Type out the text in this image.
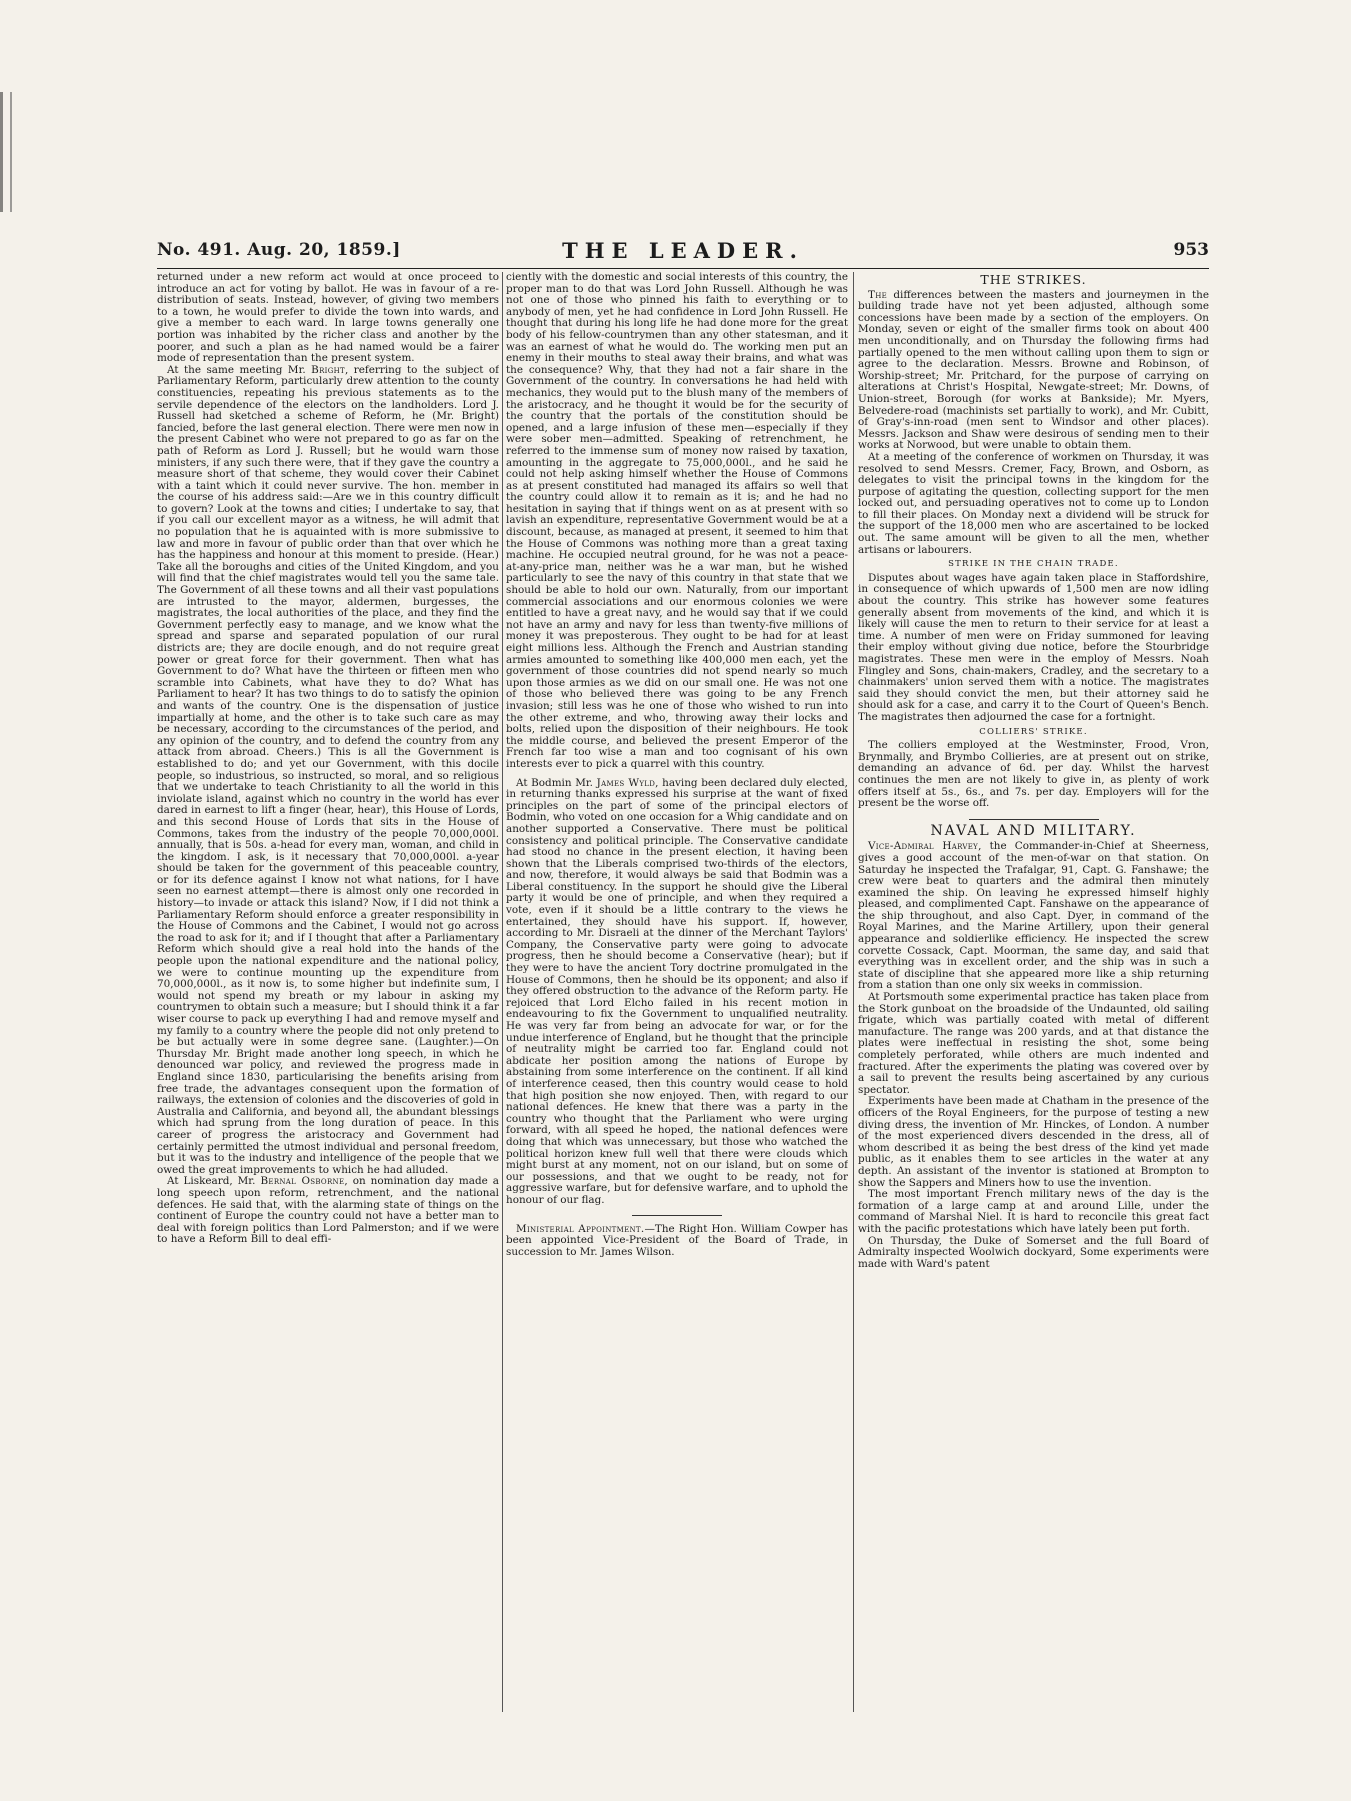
No. 491. Aug. 20, 1859.]	THE LEADER.	953

returned under a new reform act would at once proceed to introduce an act for voting by ballot. He was in favour of a re-distribution of seats. Instead, however, of giving two members to a town, he would prefer to divide the town into wards, and give a member to each ward. In large towns generally one portion was inhabited by the richer class and another by the poorer, and such a plan as he had named would be a fairer mode of representation than the present system.

At the same meeting Mr. Bright, referring to the subject of Parliamentary Reform, particularly drew attention to the county constituencies, repeating his previous statements as to the servile dependence of the electors on the landholders. Lord J. Russell had sketched a scheme of Reform, he (Mr. Bright) fancied, before the last general election. There were men now in the present Cabinet who were not prepared to go as far on the path of Reform as Lord J. Russell; but he would warn those ministers, if any such there were, that if they gave the country a measure short of that scheme, they would cover their Cabinet with a taint which it could never survive. The hon. member in the course of his address said:—Are we in this country difficult to govern? Look at the towns and cities; I undertake to say, that if you call our excellent mayor as a witness, he will admit that no population that he is aquainted with is more submissive to law and more in favour of public order than that over which he has the happiness and honour at this moment to preside. (Hear.) Take all the boroughs and cities of the United Kingdom, and you will find that the chief magistrates would tell you the same tale. The Government of all these towns and all their vast populations are intrusted to the mayor, aldermen, burgesses, the magistrates, the local authorities of the place, and they find the Government perfectly easy to manage, and we know what the spread and sparse and separated population of our rural districts are; they are docile enough, and do not require great power or great force for their government. Then what has Government to do? What have the thirteen or fifteen men who scramble into Cabinets, what have they to do? What has Parliament to hear? It has two things to do to satisfy the opinion and wants of the country. One is the dispensation of justice impartially at home, and the other is to take such care as may be necessary, according to the circumstances of the period, and any opinion of the country, and to defend the country from any attack from abroad. Cheers.) This is all the Government is established to do; and yet our Government, with this docile people, so industrious, so instructed, so moral, and so religious that we undertake to teach Christianity to all the world in this inviolate island, against which no country in the world has ever dared in earnest to lift a finger (hear, hear), this House of Lords, and this second House of Lords that sits in the House of Commons, takes from the industry of the people 70,000,000l. annually, that is 50s. a-head for every man, woman, and child in the kingdom. I ask, is it necessary that 70,000,000l. a-year should be taken for the government of this peaceable country, or for its defence against I know not what nations, for I have seen no earnest attempt—there is almost only one recorded in history—to invade or attack this island? Now, if I did not think a Parliamentary Reform should enforce a greater responsibility in the House of Commons and the Cabinet, I would not go across the road to ask for it; and if I thought that after a Parliamentary Reform which should give a real hold into the hands of the people upon the national expenditure and the national policy, we were to continue mounting up the expenditure from 70,000,000l., as it now is, to some higher but indefinite sum, I would not spend my breath or my labour in asking my countrymen to obtain such a measure; but I should think it a far wiser course to pack up everything I had and remove myself and my family to a country where the people did not only pretend to be but actually were in some degree sane. (Laughter.)—On Thursday Mr. Bright made another long speech, in which he denounced war policy, and reviewed the progress made in England since 1830, particularising the benefits arising from free trade, the advantages consequent upon the formation of railways, the extension of colonies and the discoveries of gold in Australia and California, and beyond all, the abundant blessings which had sprung from the long duration of peace. In this career of progress the aristocracy and Government had certainly permitted the utmost individual and personal freedom, but it was to the industry and intelligence of the people that we owed the great improvements to which he had alluded.

At Liskeard, Mr. Bernal Osborne, on nomination day made a long speech upon reform, retrenchment, and the national defences. He said that, with the alarming state of things on the continent of Europe the country could not have a better man to deal with foreign politics than Lord Palmerston; and if we were to have a Reform Bill to deal effi-

ciently with the domestic and social interests of this country, the proper man to do that was Lord John Russell. Although he was not one of those who pinned his faith to everything or to anybody of men, yet he had confidence in Lord John Russell. He thought that during his long life he had done more for the great body of his fellow-countrymen than any other statesman, and it was an earnest of what he would do. The working men put an enemy in their mouths to steal away their brains, and what was the consequence? Why, that they had not a fair share in the Government of the country. In conversations he had held with mechanics, they would put to the blush many of the members of the aristocracy, and he thought it would be for the security of the country that the portals of the constitution should be opened, and a large infusion of these men—especially if they were sober men—admitted. Speaking of retrenchment, he referred to the immense sum of money now raised by taxation, amounting in the aggregate to 75,000,000l., and he said he could not help asking himself whether the House of Commons as at present constituted had managed its affairs so well that the country could allow it to remain as it is; and he had no hesitation in saying that if things went on as at present with so lavish an expenditure, representative Government would be at a discount, because, as managed at present, it seemed to him that the House of Commons was nothing more than a great taxing machine. He occupied neutral ground, for he was not a peace-at-any-price man, neither was he a war man, but he wished particularly to see the navy of this country in that state that we should be able to hold our own. Naturally, from our important commercial associations and our enormous colonies we were entitled to have a great navy, and he would say that if we could not have an army and navy for less than twenty-five millions of money it was preposterous. They ought to be had for at least eight millions less. Although the French and Austrian standing armies amounted to something like 400,000 men each, yet the government of those countries did not spend nearly so much upon those armies as we did on our small one. He was not one of those who believed there was going to be any French invasion; still less was he one of those who wished to run into the other extreme, and who, throwing away their locks and bolts, relied upon the disposition of their neighbours. He took the middle course, and believed the present Emperor of the French far too wise a man and too cognisant of his own interests ever to pick a quarrel with this country.

At Bodmin Mr. James Wyld, having been declared duly elected, in returning thanks expressed his surprise at the want of fixed principles on the part of some of the principal electors of Bodmin, who voted on one occasion for a Whig candidate and on another supported a Conservative. There must be political consistency and political principle. The Conservative candidate had stood no chance in the present election, it having been shown that the Liberals comprised two-thirds of the electors, and now, therefore, it would always be said that Bodmin was a Liberal constituency. In the support he should give the Liberal party it would be one of principle, and when they required a vote, even if it should be a little contrary to the views he entertained, they should have his support. If, however, according to Mr. Disraeli at the dinner of the Merchant Taylors' Company, the Conservative party were going to advocate progress, then he should become a Conservative (hear); but if they were to have the ancient Tory doctrine promulgated in the House of Commons, then he should be its opponent; and also if they offered obstruction to the advance of the Reform party. He rejoiced that Lord Elcho failed in his recent motion in endeavouring to fix the Government to unqualified neutrality. He was very far from being an advocate for war, or for the undue interference of England, but he thought that the principle of neutrality might be carried too far. England could not abdicate her position among the nations of Europe by abstaining from some interference on the continent. If all kind of interference ceased, then this country would cease to hold that high position she now enjoyed. Then, with regard to our national defences. He knew that there was a party in the country who thought that the Parliament who were urging forward, with all speed he hoped, the national defences were doing that which was unnecessary, but those who watched the political horizon knew full well that there were clouds which might burst at any moment, not on our island, but on some of our possessions, and that we ought to be ready, not for aggressive warfare, but for defensive warfare, and to uphold the honour of our flag.

Ministerial Appointment.—The Right Hon. William Cowper has been appointed Vice-President of the Board of Trade, in succession to Mr. James Wilson.

THE STRIKES.

The differences between the masters and journeymen in the building trade have not yet been adjusted, although some concessions have been made by a section of the employers. On Monday, seven or eight of the smaller firms took on about 400 men unconditionally, and on Thursday the following firms had partially opened to the men without calling upon them to sign or agree to the declaration. Messrs. Browne and Robinson, of Worship-street; Mr. Pritchard, for the purpose of carrying on alterations at Christ's Hospital, Newgate-street; Mr. Downs, of Union-street, Borough (for works at Bankside); Mr. Myers, Belvedere-road (machinists set partially to work), and Mr. Cubitt, of Gray's-inn-road (men sent to Windsor and other places). Messrs. Jackson and Shaw were desirous of sending men to their works at Norwood, but were unable to obtain them.

At a meeting of the conference of workmen on Thursday, it was resolved to send Messrs. Cremer, Facy, Brown, and Osborn, as delegates to visit the principal towns in the kingdom for the purpose of agitating the question, collecting support for the men locked out, and persuading operatives not to come up to London to fill their places. On Monday next a dividend will be struck for the support of the 18,000 men who are ascertained to be locked out. The same amount will be given to all the men, whether artisans or labourers.

STRIKE IN THE CHAIN TRADE.

Disputes about wages have again taken place in Staffordshire, in consequence of which upwards of 1,500 men are now idling about the country. This strike has however some features generally absent from movements of the kind, and which it is likely will cause the men to return to their service for at least a time. A number of men were on Friday summoned for leaving their employ without giving due notice, before the Stourbridge magistrates. These men were in the employ of Messrs. Noah Flingley and Sons, chain-makers, Cradley, and the secretary to a chainmakers' union served them with a notice. The magistrates said they should convict the men, but their attorney said he should ask for a case, and carry it to the Court of Queen's Bench. The magistrates then adjourned the case for a fortnight.

COLLIERS' STRIKE.

The colliers employed at the Westminster, Frood, Vron, Brynmally, and Brymbo Collieries, are at present out on strike, demanding an advance of 6d. per day. Whilst the harvest continues the men are not likely to give in, as plenty of work offers itself at 5s., 6s., and 7s. per day. Employers will for the present be the worse off.

NAVAL AND MILITARY.

Vice-Admiral Harvey, the Commander-in-Chief at Sheerness, gives a good account of the men-of-war on that station. On Saturday he inspected the Trafalgar, 91, Capt. G. Fanshawe; the crew were beat to quarters and the admiral then minutely examined the ship. On leaving he expressed himself highly pleased, and complimented Capt. Fanshawe on the appearance of the ship throughout, and also Capt. Dyer, in command of the Royal Marines, and the Marine Artillery, upon their general appearance and soldierlike efficiency. He inspected the screw corvette Cossack, Capt. Moorman, the same day, and said that everything was in excellent order, and the ship was in such a state of discipline that she appeared more like a ship returning from a station than one only six weeks in commission.

At Portsmouth some experimental practice has taken place from the Stork gunboat on the broadside of the Undaunted, old sailing frigate, which was partially coated with metal of different manufacture. The range was 200 yards, and at that distance the plates were ineffectual in resisting the shot, some being completely perforated, while others are much indented and fractured. After the experiments the plating was covered over by a sail to prevent the results being ascertained by any curious spectator.

Experiments have been made at Chatham in the presence of the officers of the Royal Engineers, for the purpose of testing a new diving dress, the invention of Mr. Hinckes, of London. A number of the most experienced divers descended in the dress, all of whom described it as being the best dress of the kind yet made public, as it enables them to see articles in the water at any depth. An assistant of the inventor is stationed at Brompton to show the Sappers and Miners how to use the invention.

The most important French military news of the day is the formation of a large camp at and around Lille, under the command of Marshal Niel. It is hard to reconcile this great fact with the pacific protestations which have lately been put forth.

On Thursday, the Duke of Somerset and the full Board of Admiralty inspected Woolwich dockyard, Some experiments were made with Ward's patent
